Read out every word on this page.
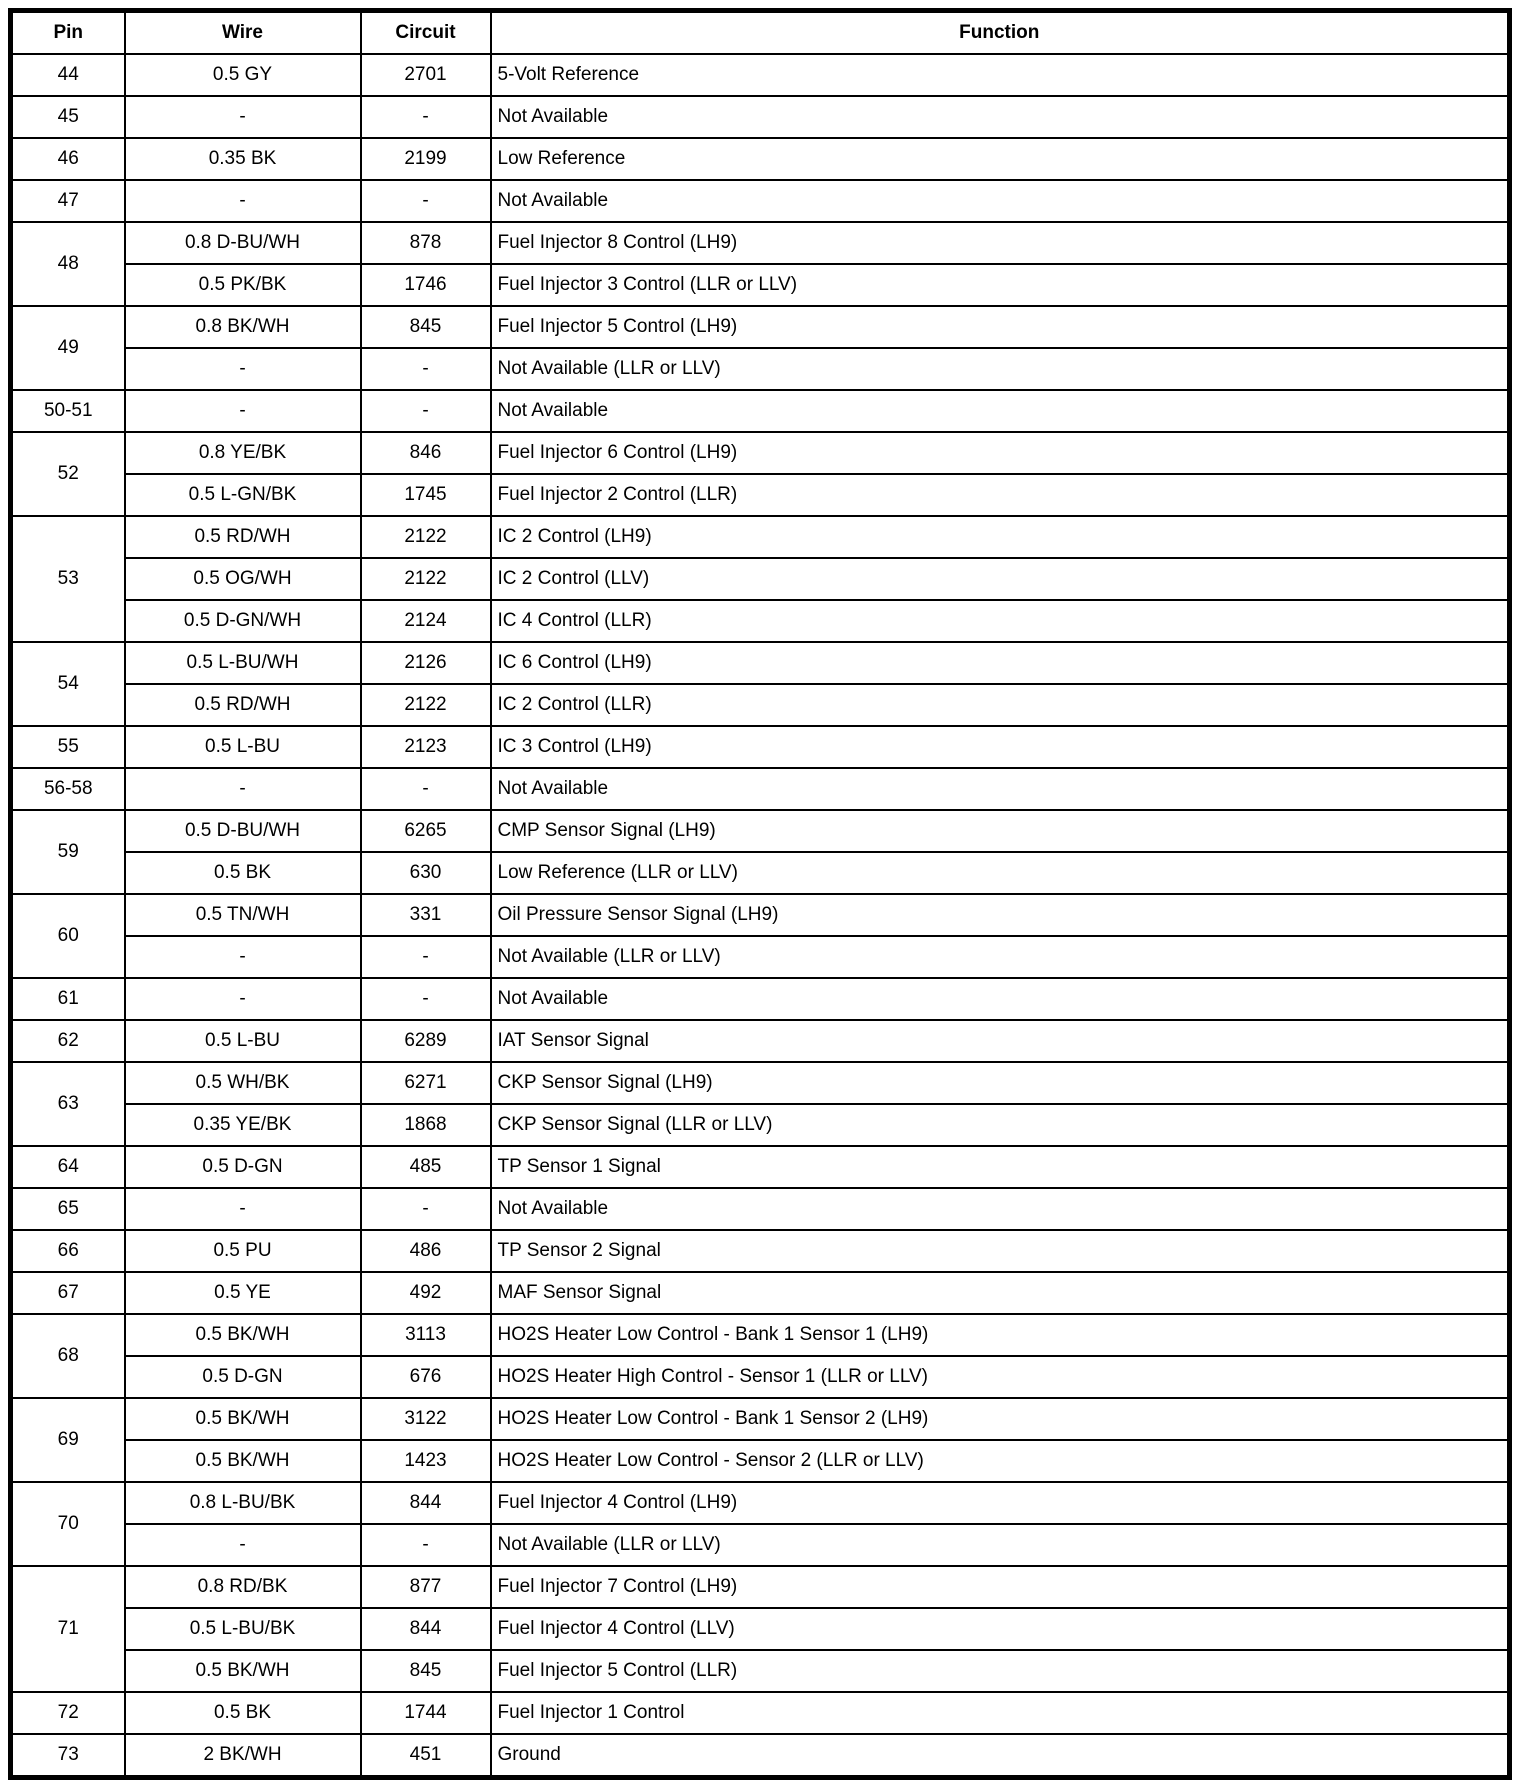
Pin	Wire	Circuit	Function
44	0.5 GY	2701	5-Volt Reference
45	-	-	Not Available
46	0.35 BK	2199	Low Reference
47	-	-	Not Available
48	0.8 D-BU/WH	878	Fuel Injector 8 Control (LH9)
	0.5 PK/BK	1746	Fuel Injector 3 Control (LLR or LLV)
49	0.8 BK/WH	845	Fuel Injector 5 Control (LH9)
	-	-	Not Available (LLR or LLV)
50-51	-	-	Not Available
52	0.8 YE/BK	846	Fuel Injector 6 Control (LH9)
	0.5 L-GN/BK	1745	Fuel Injector 2 Control (LLR)
53	0.5 RD/WH	2122	IC 2 Control (LH9)
	0.5 OG/WH	2122	IC 2 Control (LLV)
	0.5 D-GN/WH	2124	IC 4 Control (LLR)
54	0.5 L-BU/WH	2126	IC 6 Control (LH9)
	0.5 RD/WH	2122	IC 2 Control (LLR)
55	0.5 L-BU	2123	IC 3 Control (LH9)
56-58	-	-	Not Available
59	0.5 D-BU/WH	6265	CMP Sensor Signal (LH9)
	0.5 BK	630	Low Reference (LLR or LLV)
60	0.5 TN/WH	331	Oil Pressure Sensor Signal (LH9)
	-	-	Not Available (LLR or LLV)
61	-	-	Not Available
62	0.5 L-BU	6289	IAT Sensor Signal
63	0.5 WH/BK	6271	CKP Sensor Signal (LH9)
	0.35 YE/BK	1868	CKP Sensor Signal (LLR or LLV)
64	0.5 D-GN	485	TP Sensor 1 Signal
65	-	-	Not Available
66	0.5 PU	486	TP Sensor 2 Signal
67	0.5 YE	492	MAF Sensor Signal
68	0.5 BK/WH	3113	HO2S Heater Low Control - Bank 1 Sensor 1 (LH9)
	0.5 D-GN	676	HO2S Heater High Control - Sensor 1 (LLR or LLV)
69	0.5 BK/WH	3122	HO2S Heater Low Control - Bank 1 Sensor 2 (LH9)
	0.5 BK/WH	1423	HO2S Heater Low Control - Sensor 2 (LLR or LLV)
70	0.8 L-BU/BK	844	Fuel Injector 4 Control (LH9)
	-	-	Not Available (LLR or LLV)
71	0.8 RD/BK	877	Fuel Injector 7 Control (LH9)
	0.5 L-BU/BK	844	Fuel Injector 4 Control (LLV)
	0.5 BK/WH	845	Fuel Injector 5 Control (LLR)
72	0.5 BK	1744	Fuel Injector 1 Control
73	2 BK/WH	451	Ground
